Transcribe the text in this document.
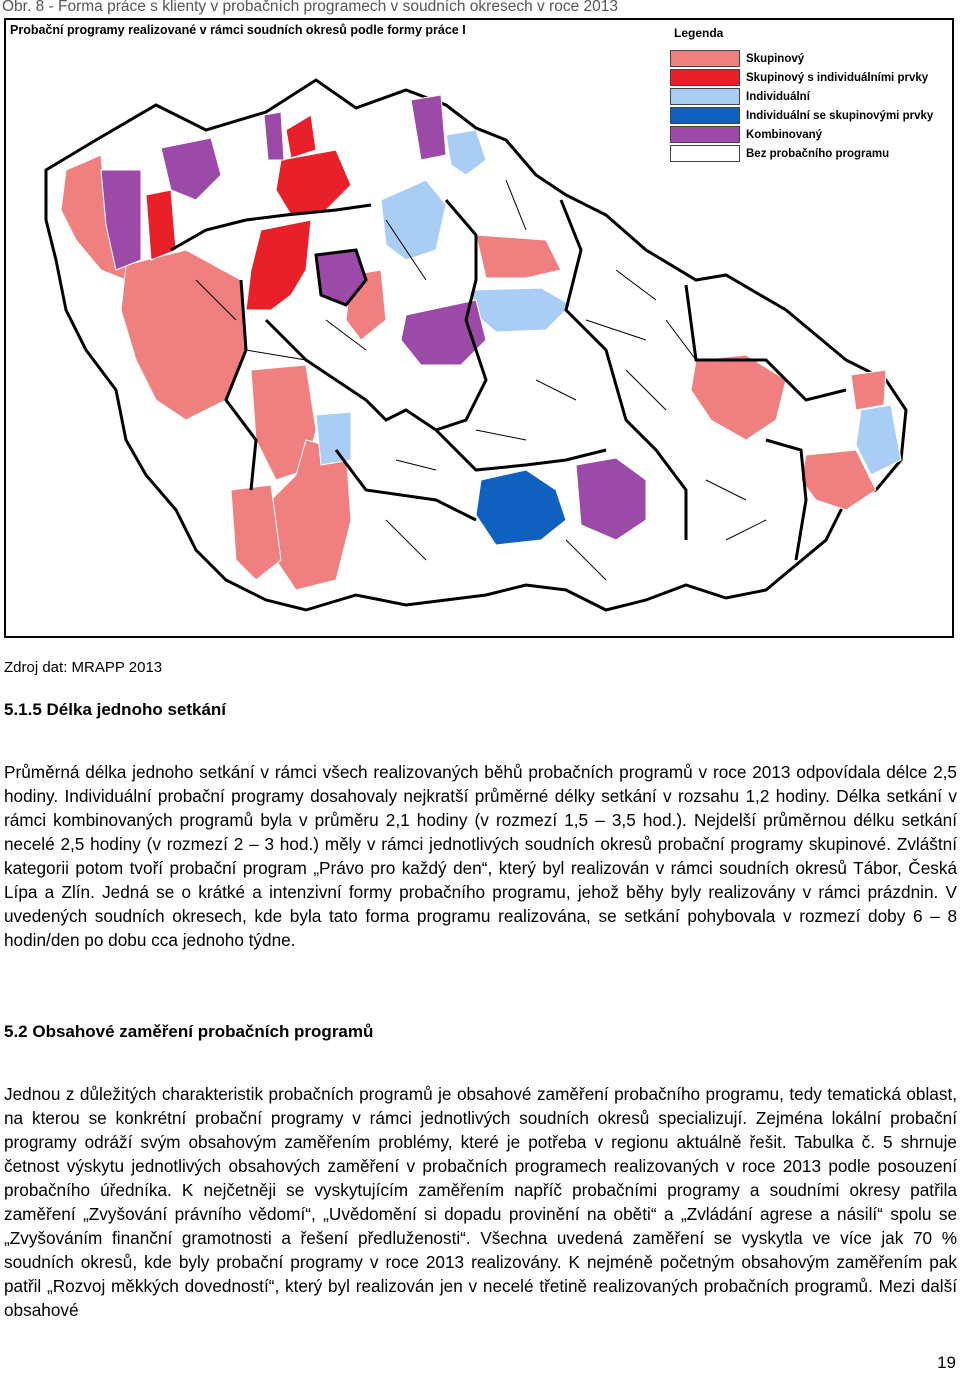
Obr. 8 - Forma práce s klienty v probačních programech v soudních okresech v roce 2013
Probační programy realizované v rámci soudních okresů podle formy práce I	Legenda
Skupinový
Skupinový s individuálními prvky
Individuální
Individuální se skupinovými prvky
Kombinovaný
Bez probačního programu
Zdroj dat: MRAPP 2013
5.1.5 Délka jednoho setkání

Průměrná délka jednoho setkání v rámci všech realizovaných běhů probačních programů v roce 2013 odpovídala délce 2,5 hodiny. Individuální probační programy dosahovaly nejkratší průměrné délky setkání v rozsahu 1,2 hodiny. Délka setkání v rámci kombinovaných programů byla v průměru 2,1 hodiny (v rozmezí 1,5 – 3,5 hod.). Nejdelší průměrnou délku setkání necelé 2,5 hodiny (v rozmezí 2 – 3 hod.) měly v rámci jednotlivých soudních okresů probační programy skupinové. Zvláštní kategorii potom tvoří probační program „Právo pro každý den“, který byl realizován v rámci soudních okresů Tábor, Česká Lípa a Zlín. Jedná se o krátké a intenzivní formy probačního programu, jehož běhy byly realizovány v rámci prázdnin. V uvedených soudních okresech, kde byla tato forma programu realizována, se setkání pohybovala v rozmezí doby 6 – 8 hodin/den po dobu cca jednoho týdne.

5.2 Obsahové zaměření probačních programů

Jednou z důležitých charakteristik probačních programů je obsahové zaměření probačního programu, tedy tematická oblast, na kterou se konkrétní probační programy v rámci jednotlivých soudních okresů specializují. Zejména lokální probační programy odráží svým obsahovým zaměřením problémy, které je potřeba v regionu aktuálně řešit. Tabulka č. 5 shrnuje četnost výskytu jednotlivých obsahových zaměření v probačních programech realizovaných v roce 2013 podle posouzení probačního úředníka. K nejčetněji se vyskytujícím zaměřením napříč probačními programy a soudními okresy patřila zaměření „Zvyšování právního vědomí“, „Uvědomění si dopadu provinění na oběti“ a „Zvládání agrese a násilí“ spolu se „Zvyšováním finanční gramotnosti a řešení předluženosti“. Všechna uvedená zaměření se vyskytla ve více jak 70 % soudních okresů, kde byly probační programy v roce 2013 realizovány. K nejméně početným obsahovým zaměřením pak patřil „Rozvoj měkkých dovedností“, který byl realizován jen v necelé třetině realizovaných probačních programů. Mezi další obsahové

19
